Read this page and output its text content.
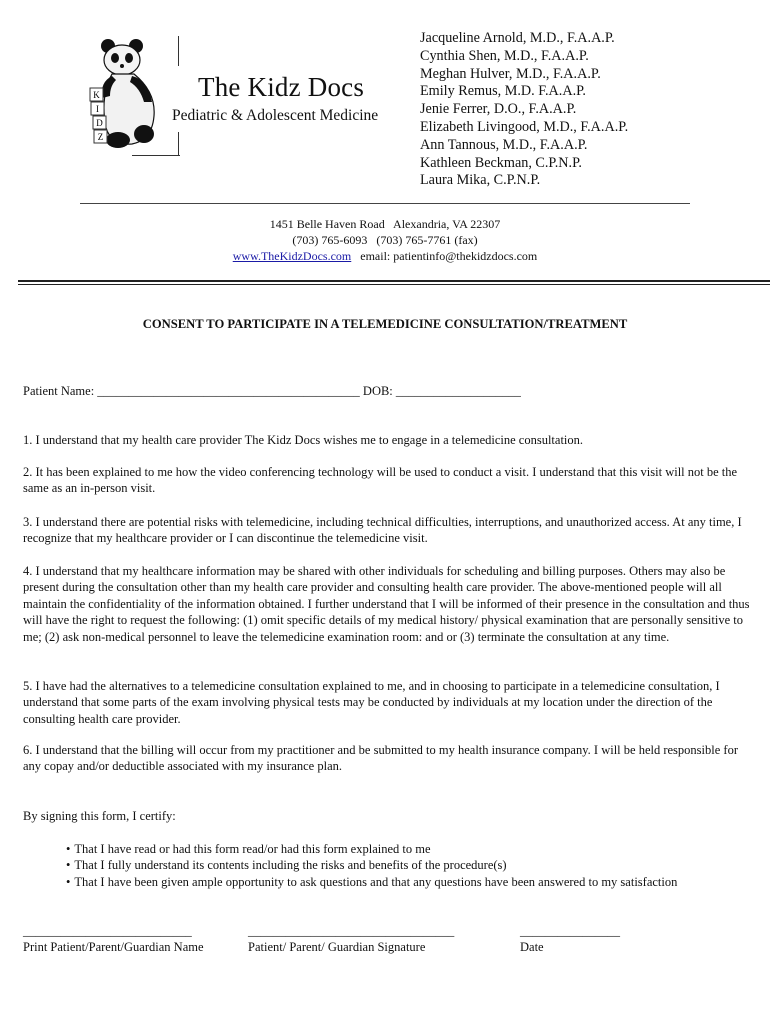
K
I
D
Z
The Kidz Docs
Pediatric & Adolescent Medicine
Jacqueline Arnold, M.D., F.A.A.P.
Cynthia Shen, M.D., F.A.A.P.
Meghan Hulver, M.D., F.A.A.P.
Emily Remus, M.D. F.A.A.P.
Jenie Ferrer, D.O., F.A.A.P.
Elizabeth Livingood, M.D., F.A.A.P.
Ann Tannous, M.D., F.A.A.P.
Kathleen Beckman, C.P.N.P.
Laura Mika, C.P.N.P.
1451 Belle Haven Road   Alexandria, VA 22307
(703) 765-6093   (703) 765-7761 (fax)
www.TheKidzDocs.com email: patientinfo@thekidzdocs.com
CONSENT TO PARTICIPATE IN A TELEMEDICINE CONSULTATION/TREATMENT
Patient Name: __________________________________________ DOB: ____________________
1. I understand that my health care provider The Kidz Docs wishes me to engage in a telemedicine consultation.
2. It has been explained to me how the video conferencing technology will be used to conduct a visit. I understand that this visit will not be the same as an in-person visit.
3. I understand there are potential risks with telemedicine, including technical difficulties, interruptions, and unauthorized access. At any time, I recognize that my healthcare provider or I can discontinue the telemedicine visit.
4. I understand that my healthcare information may be shared with other individuals for scheduling and billing purposes. Others may also be present during the consultation other than my health care provider and consulting health care provider. The above-mentioned people will all maintain the confidentiality of the information obtained. I further understand that I will be informed of their presence in the consultation and thus will have the right to request the following: (1) omit specific details of my medical history/ physical examination that are personally sensitive to me; (2) ask non-medical personnel to leave the telemedicine examination room: and or (3) terminate the consultation at any time.
5. I have had the alternatives to a telemedicine consultation explained to me, and in choosing to participate in a telemedicine consultation, I understand that some parts of the exam involving physical tests may be conducted by individuals at my location under the direction of the consulting health care provider.
6. I understand that the billing will occur from my practitioner and be submitted to my health insurance company. I will be held responsible for any copay and/or deductible associated with my insurance plan.
By signing this form, I certify:
• That I have read or had this form read/or had this form explained to me
• That I fully understand its contents including the risks and benefits of the procedure(s)
• That I have been given ample opportunity to ask questions and that any questions have been answered to my satisfaction
___________________________
Print Patient/Parent/Guardian Name
_________________________________
Patient/ Parent/ Guardian Signature
________________
Date
